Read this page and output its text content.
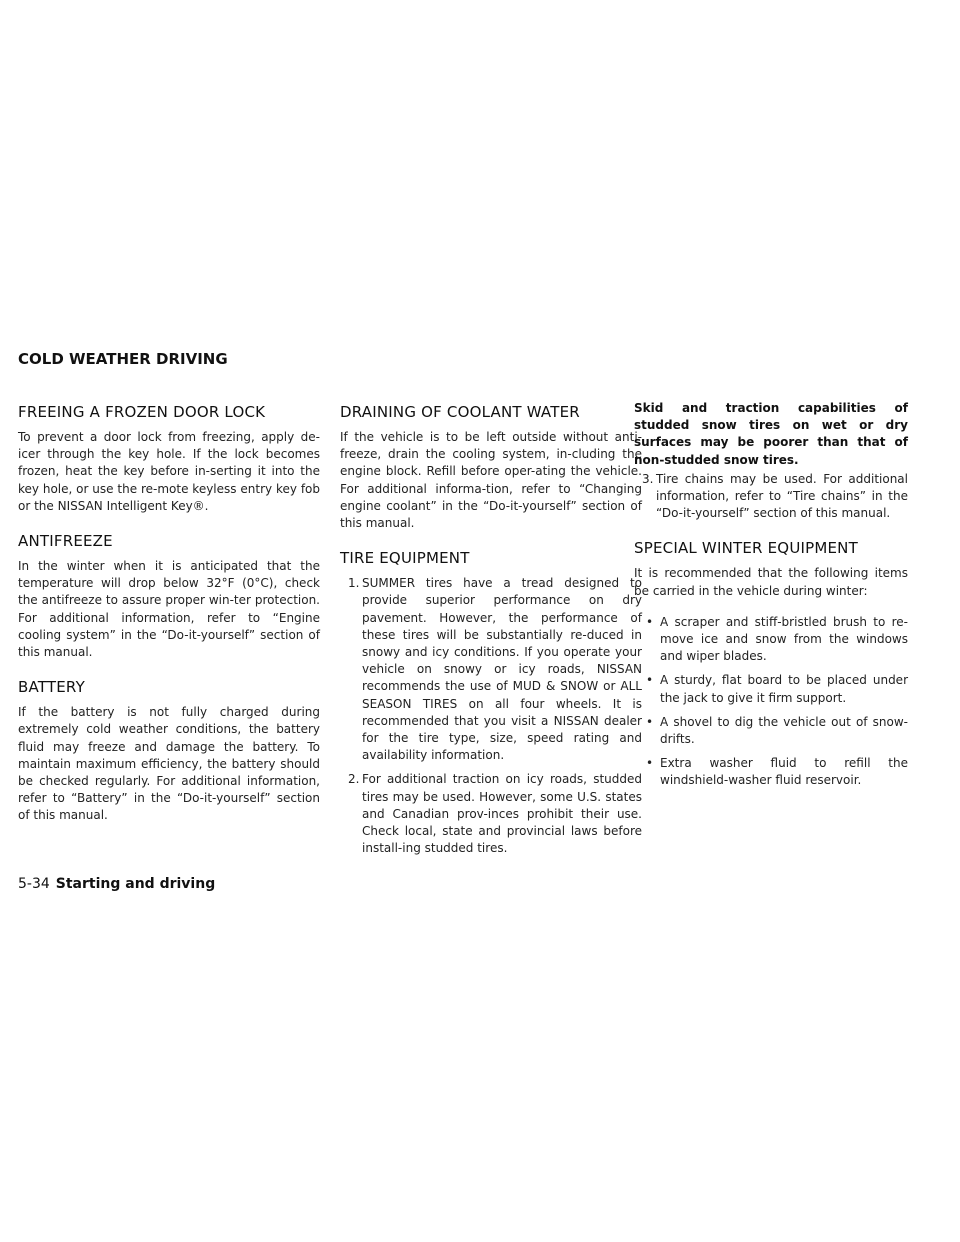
COLD WEATHER DRIVING
FREEING A FROZEN DOOR LOCK

To prevent a door lock from freezing, apply de-icer through the key hole. If the lock becomes frozen, heat the key before in-serting it into the key hole, or use the re-mote keyless entry key fob or the NISSAN Intelligent Key®.

ANTIFREEZE

In the winter when it is anticipated that the temperature will drop below 32°F (0°C), check the antifreeze to assure proper win-ter protection. For additional information, refer to “Engine cooling system” in the “Do-it-yourself” section of this manual.

BATTERY

If the battery is not fully charged during extremely cold weather conditions, the battery fluid may freeze and damage the battery. To maintain maximum efficiency, the battery should be checked regularly. For additional information, refer to “Battery” in the “Do-it-yourself” section of this manual.

DRAINING OF COOLANT WATER

If the vehicle is to be left outside without anti-freeze, drain the cooling system, in-cluding the engine block. Refill before oper-ating the vehicle. For additional informa-tion, refer to “Changing engine coolant” in the “Do-it-yourself” section of this manual.

TIRE EQUIPMENT
1. SUMMER tires have a tread designed to provide superior performance on dry pavement. However, the performance of these tires will be substantially re-duced in snowy and icy conditions. If you operate your vehicle on snowy or icy roads, NISSAN recommends the use of MUD & SNOW or ALL SEASON TIRES on all four wheels. It is recommended that you visit a NISSAN dealer for the tire type, size, speed rating and availability information.
2. For additional traction on icy roads, studded tires may be used. However, some U.S. states and Canadian prov-inces prohibit their use. Check local, state and provincial laws before install-ing studded tires.

Skid and traction capabilities of studded snow tires on wet or dry surfaces may be poorer than that of non-studded snow tires.

3. Tire chains may be used. For additional information, refer to “Tire chains” in the “Do-it-yourself” section of this manual.
SPECIAL WINTER EQUIPMENT

It is recommended that the following items be carried in the vehicle during winter:

• A scraper and stiff-bristled brush to re-move ice and snow from the windows and wiper blades.
• A sturdy, flat board to be placed under the jack to give it firm support.
• A shovel to dig the vehicle out of snow-drifts.
• Extra washer fluid to refill the windshield-washer fluid reservoir.
5-34 Starting and driving
